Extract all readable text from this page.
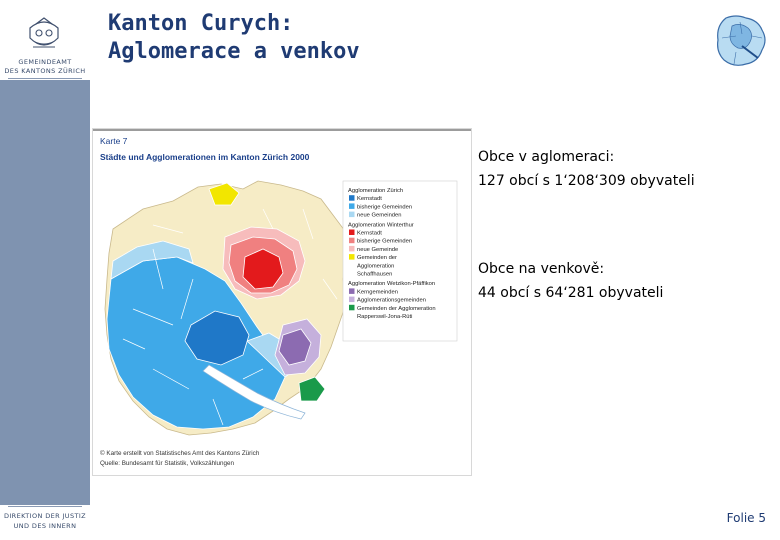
GEMEINDEAMT
DES KANTONS ZÜRICH
DIREKTION DER JUSTIZ
UND DES INNERN
Kanton Curych:
Aglomerace a venkov
Karte 7
Städte und Agglomerationen im Kanton Zürich 2000
Agglomeration Zürich
Kernstadt
bisherige Gemeinden
neue Gemeinden
Agglomeration Winterthur
Kernstadt
bisherige Gemeinden
neue Gemeinde
Gemeinden der
Agglomeration
Schaffhausen
Agglomeration Wetzikon-Pfäffikon
Kerngemeinden
Agglomerationsgemeinden
Gemeinden der Agglomeration
Rapperswil-Jona-Rüti
© Karte erstellt von Statistisches Amt des Kantons Zürich
Quelle: Bundesamt für Statistik, Volkszählungen
Obce v aglomeraci:
127 obcí s 1‘208‘309 obyvateli
Obce na venkově:
44 obcí s 64‘281 obyvateli
Folie 5
